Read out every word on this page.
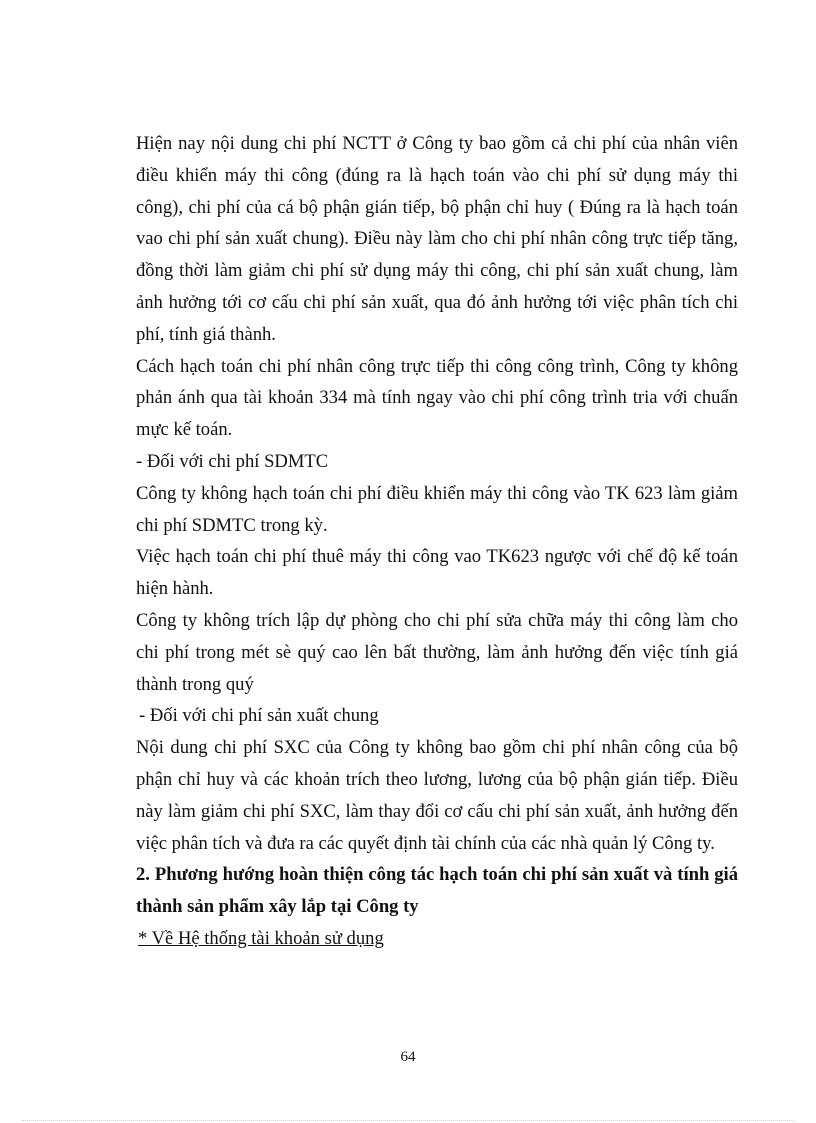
Hiện nay nội dung chi phí NCTT ở Công ty bao gồm cả chi phí của nhân viên điều khiển máy thi công (đúng ra là hạch toán vào chi phí sử dụng máy thi công), chi phí của cá bộ phận gián tiếp, bộ phận chỉ huy ( Đúng ra là hạch toán vao chi phí sản xuất chung). Điều này làm cho chi phí nhân công trực tiếp tăng, đồng thời làm giảm chi phí sử dụng máy thi công, chi phí sản xuất chung, làm ảnh hưởng tới cơ cấu chi phí sản xuất, qua đó ảnh hưởng tới việc phân tích chi phí, tính giá thành.

Cách hạch toán chi phí nhân công trực tiếp thi công công trình, Công ty không phản ánh qua tài khoản 334 mà tính ngay vào chi phí công trình tria với chuẩn mực kế toán.

- Đối với chi phí SDMTC

Công ty không hạch toán chi phí điều khiển máy thi công vào TK 623 làm giảm chi phí SDMTC trong kỳ.

Việc hạch toán chi phí thuê máy thi công vao TK623 ngược với chế độ kế toán hiện hành.

Công ty không trích lập dự phòng cho chi phí sửa chữa máy thi công làm cho chi phí trong mét sè quý cao lên bất thường, làm ảnh hưởng đến việc tính giá thành trong quý

- Đối với chi phí sản xuất chung

Nội dung chi phí SXC của Công ty không bao gồm chi phí nhân công của bộ phận chỉ huy và các khoản trích theo lương, lương của bộ phận gián tiếp. Điều này làm giảm chi phí SXC, làm thay đổi cơ cấu chi phí sản xuất, ảnh hưởng đến việc phân tích và đưa ra các quyết định tài chính của các nhà quản lý Công ty.

2. Phương hướng hoàn thiện công tác hạch toán chi phí sản xuất và tính giá thành sản phẩm xây lắp tại Công ty

* Về Hệ thống tài khoản sử dụng

64
